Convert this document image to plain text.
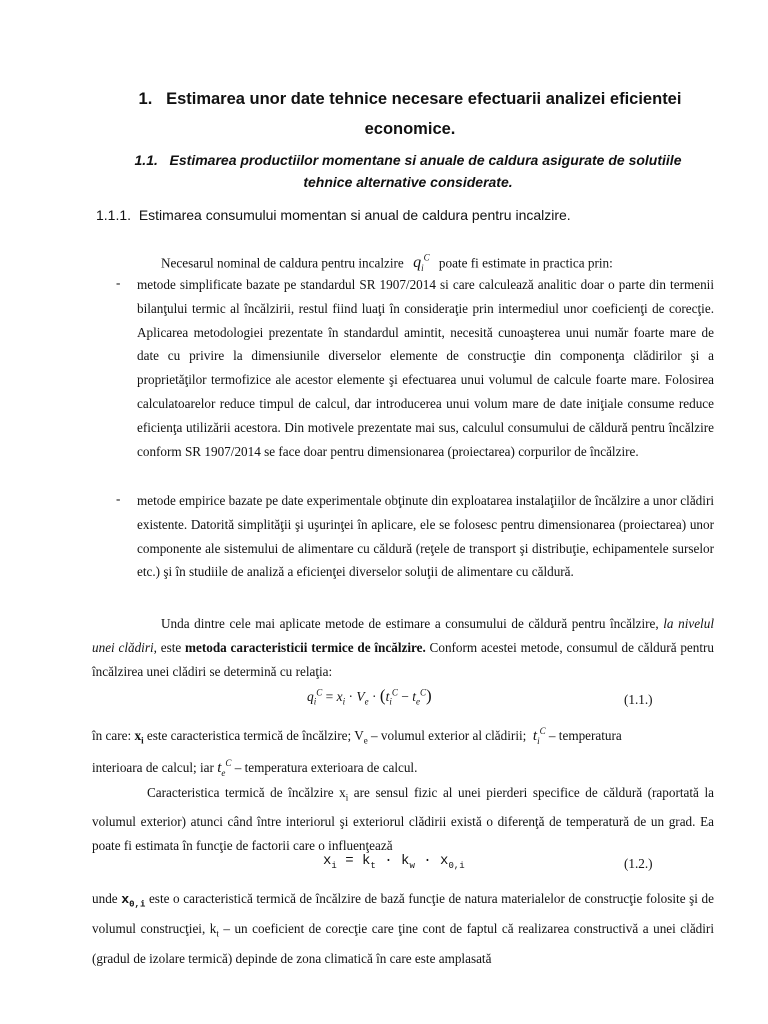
1. Estimarea unor date tehnice necesare efectuarii analizei eficientei
economice.
1.1. Estimarea productiilor momentane si anuale de caldura asigurate de solutiile
tehnice alternative considerate.
1.1.1. Estimarea consumului momentan si anual de caldura pentru incalzire.
Necesarul nominal de caldura pentru incalzire $q_i^C$ poate fi estimate in practica prin:
- metode simplificate bazate pe standardul SR 1907/2014 si care calculează analitic doar o parte din termenii bilanţului termic al încălzirii, restul fiind luaţi în consideraţie prin intermediul unor coeficienţi de corecţie. Aplicarea metodologiei prezentate în standardul amintit, necesită cunoaşterea unui număr foarte mare de date cu privire la dimensiunile diverselor elemente de construcţie din componenţa clădirilor şi a proprietăţilor termofizice ale acestor elemente şi efectuarea unui volumul de calcule foarte mare. Folosirea calculatoarelor reduce timpul de calcul, dar introducerea unui volum mare de date iniţiale consume reduce eficienţa utilizării acestora. Din motivele prezentate mai sus, calculul consumului de căldură pentru încălzire conform SR 1907/2014 se face doar pentru dimensionarea (proiectarea) corpurilor de încălzire.
- metode empirice bazate pe date experimentale obţinute din exploatarea instalaţiilor de încălzire a unor clădiri existente. Datorită simplităţii şi uşurinţei în aplicare, ele se folosesc pentru dimensionarea (proiectarea) unor componente ale sistemului de alimentare cu căldură (reţele de transport şi distribuţie, echipamentele surselor etc.) şi în studiile de analiză a eficienţei diverselor soluţii de alimentare cu căldură.
Unda dintre cele mai aplicate metode de estimare a consumului de căldură pentru încălzire, la nivelul unei clădiri, este metoda caracteristicii termice de încălzire. Conform acestei metode, consumul de căldură pentru încălzirea unei clădiri se determină cu relaţia:
$q_i^C = x_i \cdot V_e \cdot (t_i^C - t_e^C)$	(1.1.)
în care: $x_i$ este caracteristica termică de încălzire; $V_e$ – volumul exterior al clădirii; $t_i^C$ – temperatura
interioara de calcul; iar $t_e^C$ – temperatura exterioara de calcul.
Caracteristica termică de încălzire $x_i$ are sensul fizic al unei pierderi specifice de căldură (raportată la volumul exterior) atunci când între interiorul şi exteriorul clădirii există o diferenţă de temperatură de un grad. Ea poate fi estimata în funcţie de factorii care o influenţează
$x_i = k_t \cdot k_w \cdot x_{0,i}$	(1.2.)
unde $x_{0,i}$ este o caracteristică termică de încălzire de bază funcţie de natura materialelor de construcţie folosite şi de volumul construcţiei, $k_t$ – un coeficient de corecţie care ţine cont de faptul că realizarea constructivă a unei clădiri (gradul de izolare termică) depinde de zona climatică în care este amplasată
